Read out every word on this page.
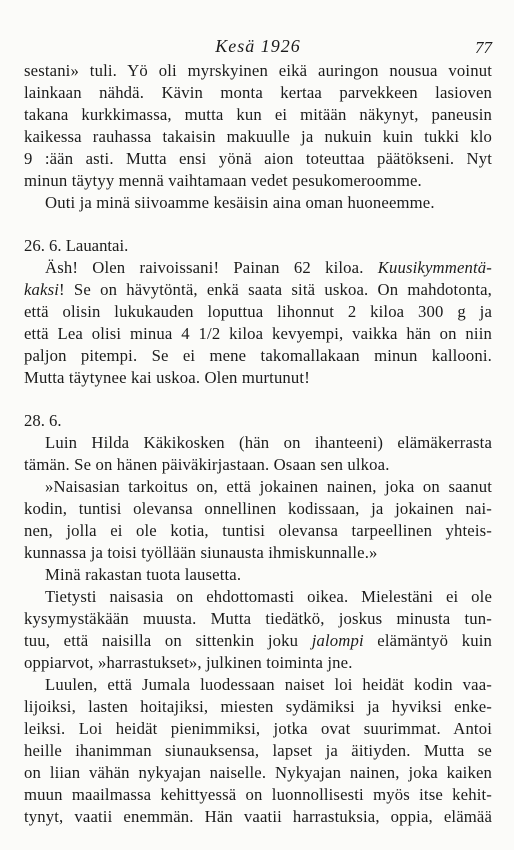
Kesä 1926	77
sestani» tuli. Yö oli myrskyinen eikä auringon nousua voinut
lainkaan nähdä. Kävin monta kertaa parvekkeen lasioven
takana kurkkimassa, mutta kun ei mitään näkynyt, paneusin
kaikessa rauhassa takaisin makuulle ja nukuin kuin tukki klo
9 :ään asti. Mutta ensi yönä aion toteuttaa päätökseni. Nyt
minun täytyy mennä vaihtamaan vedet pesukomeroomme.
Outi ja minä siivoamme kesäisin aina oman huoneemme.
26. 6. Lauantai.
Äsh! Olen raivoissani! Painan 62 kiloa. Kuusikymmentä-
kaksi! Se on hävytöntä, enkä saata sitä uskoa. On mahdotonta,
että olisin lukukauden loputtua lihonnut 2 kiloa 300 g ja
että Lea olisi minua 4 1/2 kiloa kevyempi, vaikka hän on niin
paljon pitempi. Se ei mene takomallakaan minun kallooni.
Mutta täytynee kai uskoa. Olen murtunut!
28. 6.
Luin Hilda Käkikosken (hän on ihanteeni) elämäkerrasta
tämän. Se on hänen päiväkirjastaan. Osaan sen ulkoa.
»Naisasian tarkoitus on, että jokainen nainen, joka on saanut
kodin, tuntisi olevansa onnellinen kodissaan, ja jokainen nai-
nen, jolla ei ole kotia, tuntisi olevansa tarpeellinen yhteis-
kunnassa ja toisi työllään siunausta ihmiskunnalle.»
Minä rakastan tuota lausetta.
Tietysti naisasia on ehdottomasti oikea. Mielestäni ei ole
kysymystäkään muusta. Mutta tiedätkö, joskus minusta tun-
tuu, että naisilla on sittenkin joku jalompi elämäntyö kuin
oppiarvot, »harrastukset», julkinen toiminta jne.
Luulen, että Jumala luodessaan naiset loi heidät kodin vaa-
lijoiksi, lasten hoitajiksi, miesten sydämiksi ja hyviksi enke-
leiksi. Loi heidät pienimmiksi, jotka ovat suurimmat. Antoi
heille ihanimman siunauksensa, lapset ja äitiyden. Mutta se
on liian vähän nykyajan naiselle. Nykyajan nainen, joka kaiken
muun maailmassa kehittyessä on luonnollisesti myös itse kehit-
tynyt, vaatii enemmän. Hän vaatii harrastuksia, oppia, elämää
